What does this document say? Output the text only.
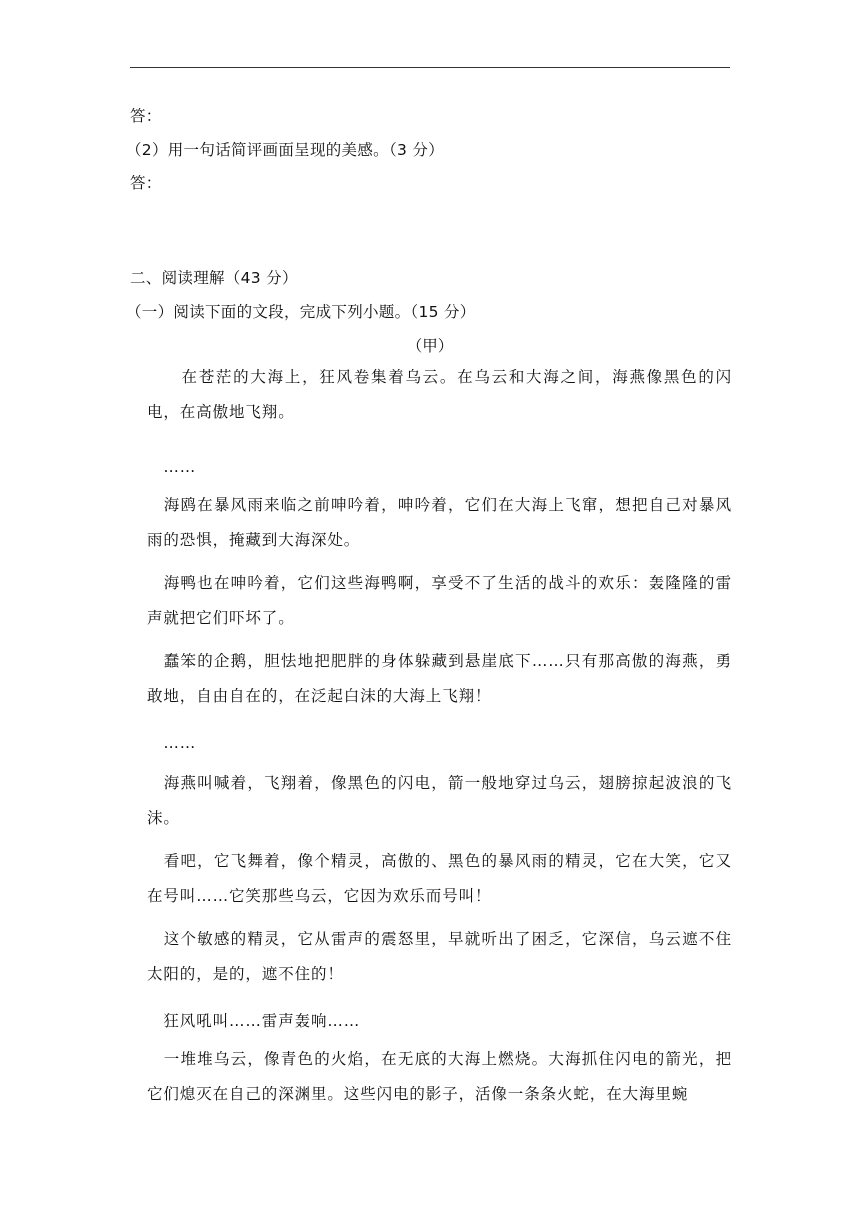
答：
（2）用一句话简评画面呈现的美感。（3 分）
答：
二、阅读理解（43 分）
（一）阅读下面的文段，完成下列小题。（15 分）
（甲）
　　在苍茫的大海上，狂风卷集着乌云。在乌云和大海之间，海燕像黑色的闪电，在高傲地飞翔。
　……
　海鸥在暴风雨来临之前呻吟着，呻吟着，它们在大海上飞窜，想把自己对暴风雨的恐惧，掩藏到大海深处。
　海鸭也在呻吟着，它们这些海鸭啊，享受不了生活的战斗的欢乐：轰隆隆的雷声就把它们吓坏了。
　蠢笨的企鹅，胆怯地把肥胖的身体躲藏到悬崖底下……只有那高傲的海燕，勇敢地，自由自在的，在泛起白沫的大海上飞翔！
　……
　海燕叫喊着，飞翔着，像黑色的闪电，箭一般地穿过乌云，翅膀掠起波浪的飞沫。
　看吧，它飞舞着，像个精灵，高傲的、黑色的暴风雨的精灵，它在大笑，它又在号叫……它笑那些乌云，它因为欢乐而号叫！
　这个敏感的精灵，它从雷声的震怒里，早就听出了困乏，它深信，乌云遮不住太阳的，是的，遮不住的！
　狂风吼叫……雷声轰响……
　一堆堆乌云，像青色的火焰，在无底的大海上燃烧。大海抓住闪电的箭光，把它们熄灭在自己的深渊里。这些闪电的影子，活像一条条火蛇，在大海里蜿
